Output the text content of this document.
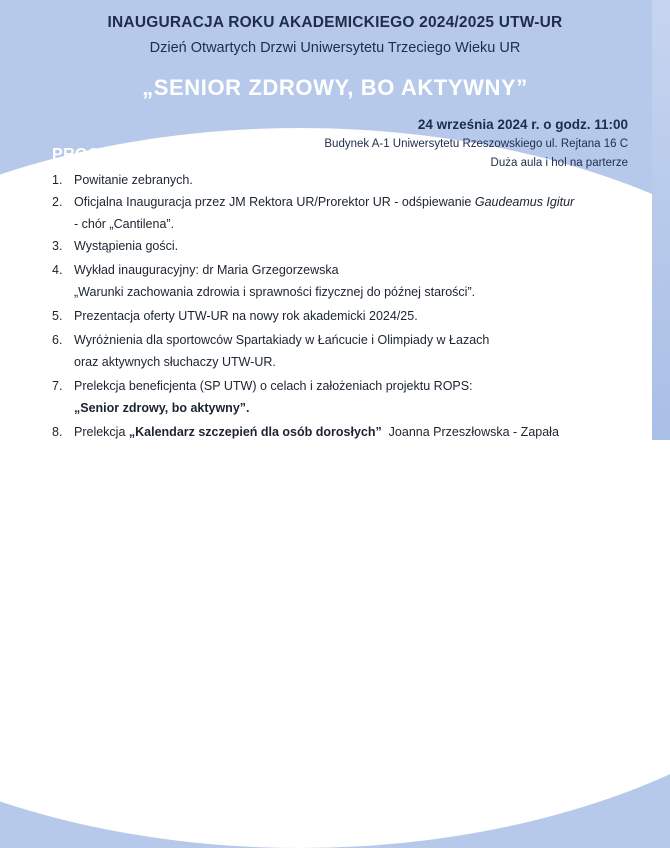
INAUGURACJA ROKU AKADEMICKIEGO 2024/2025 UTW-UR
Dzień Otwartych Drzwi Uniwersytetu Trzeciego Wieku UR
„SENIOR ZDROWY, BO AKTYWNY”
24 września 2024 r. o godz. 11:00
Budynek A-1 Uniwersytetu Rzeszowskiego ul. Rejtana 16 C
Duża aula i hol na parterze
PROGRAM
1. Powitanie zebranych.
2. Oficjalna Inauguracja przez JM Rektora UR/Prorektor UR - odśpiewanie Gaudeamus Igitur
- chór „Cantilena”.
3. Wystąpienia gości.
4. Wykład inauguracyjny: dr Maria Grzegorzewska
„Warunki zachowania zdrowia i sprawności fizycznej do późnej starości”.
5. Prezentacja oferty UTW-UR na nowy rok akademicki 2024/25.
6. Wyróżnienia dla sportowców Spartakiady w Łańcucie i Olimpiady w Łazach
oraz aktywnych słuchaczy UTW-UR.
7. Prelekcja beneficjenta (SP UTW) o celach i założeniach projektu ROPS:
„Senior zdrowy, bo aktywny”.
8. Prelekcja „Kalendarz szczepień dla osób dorosłych”  Joanna Przeszłowska - Zapała
